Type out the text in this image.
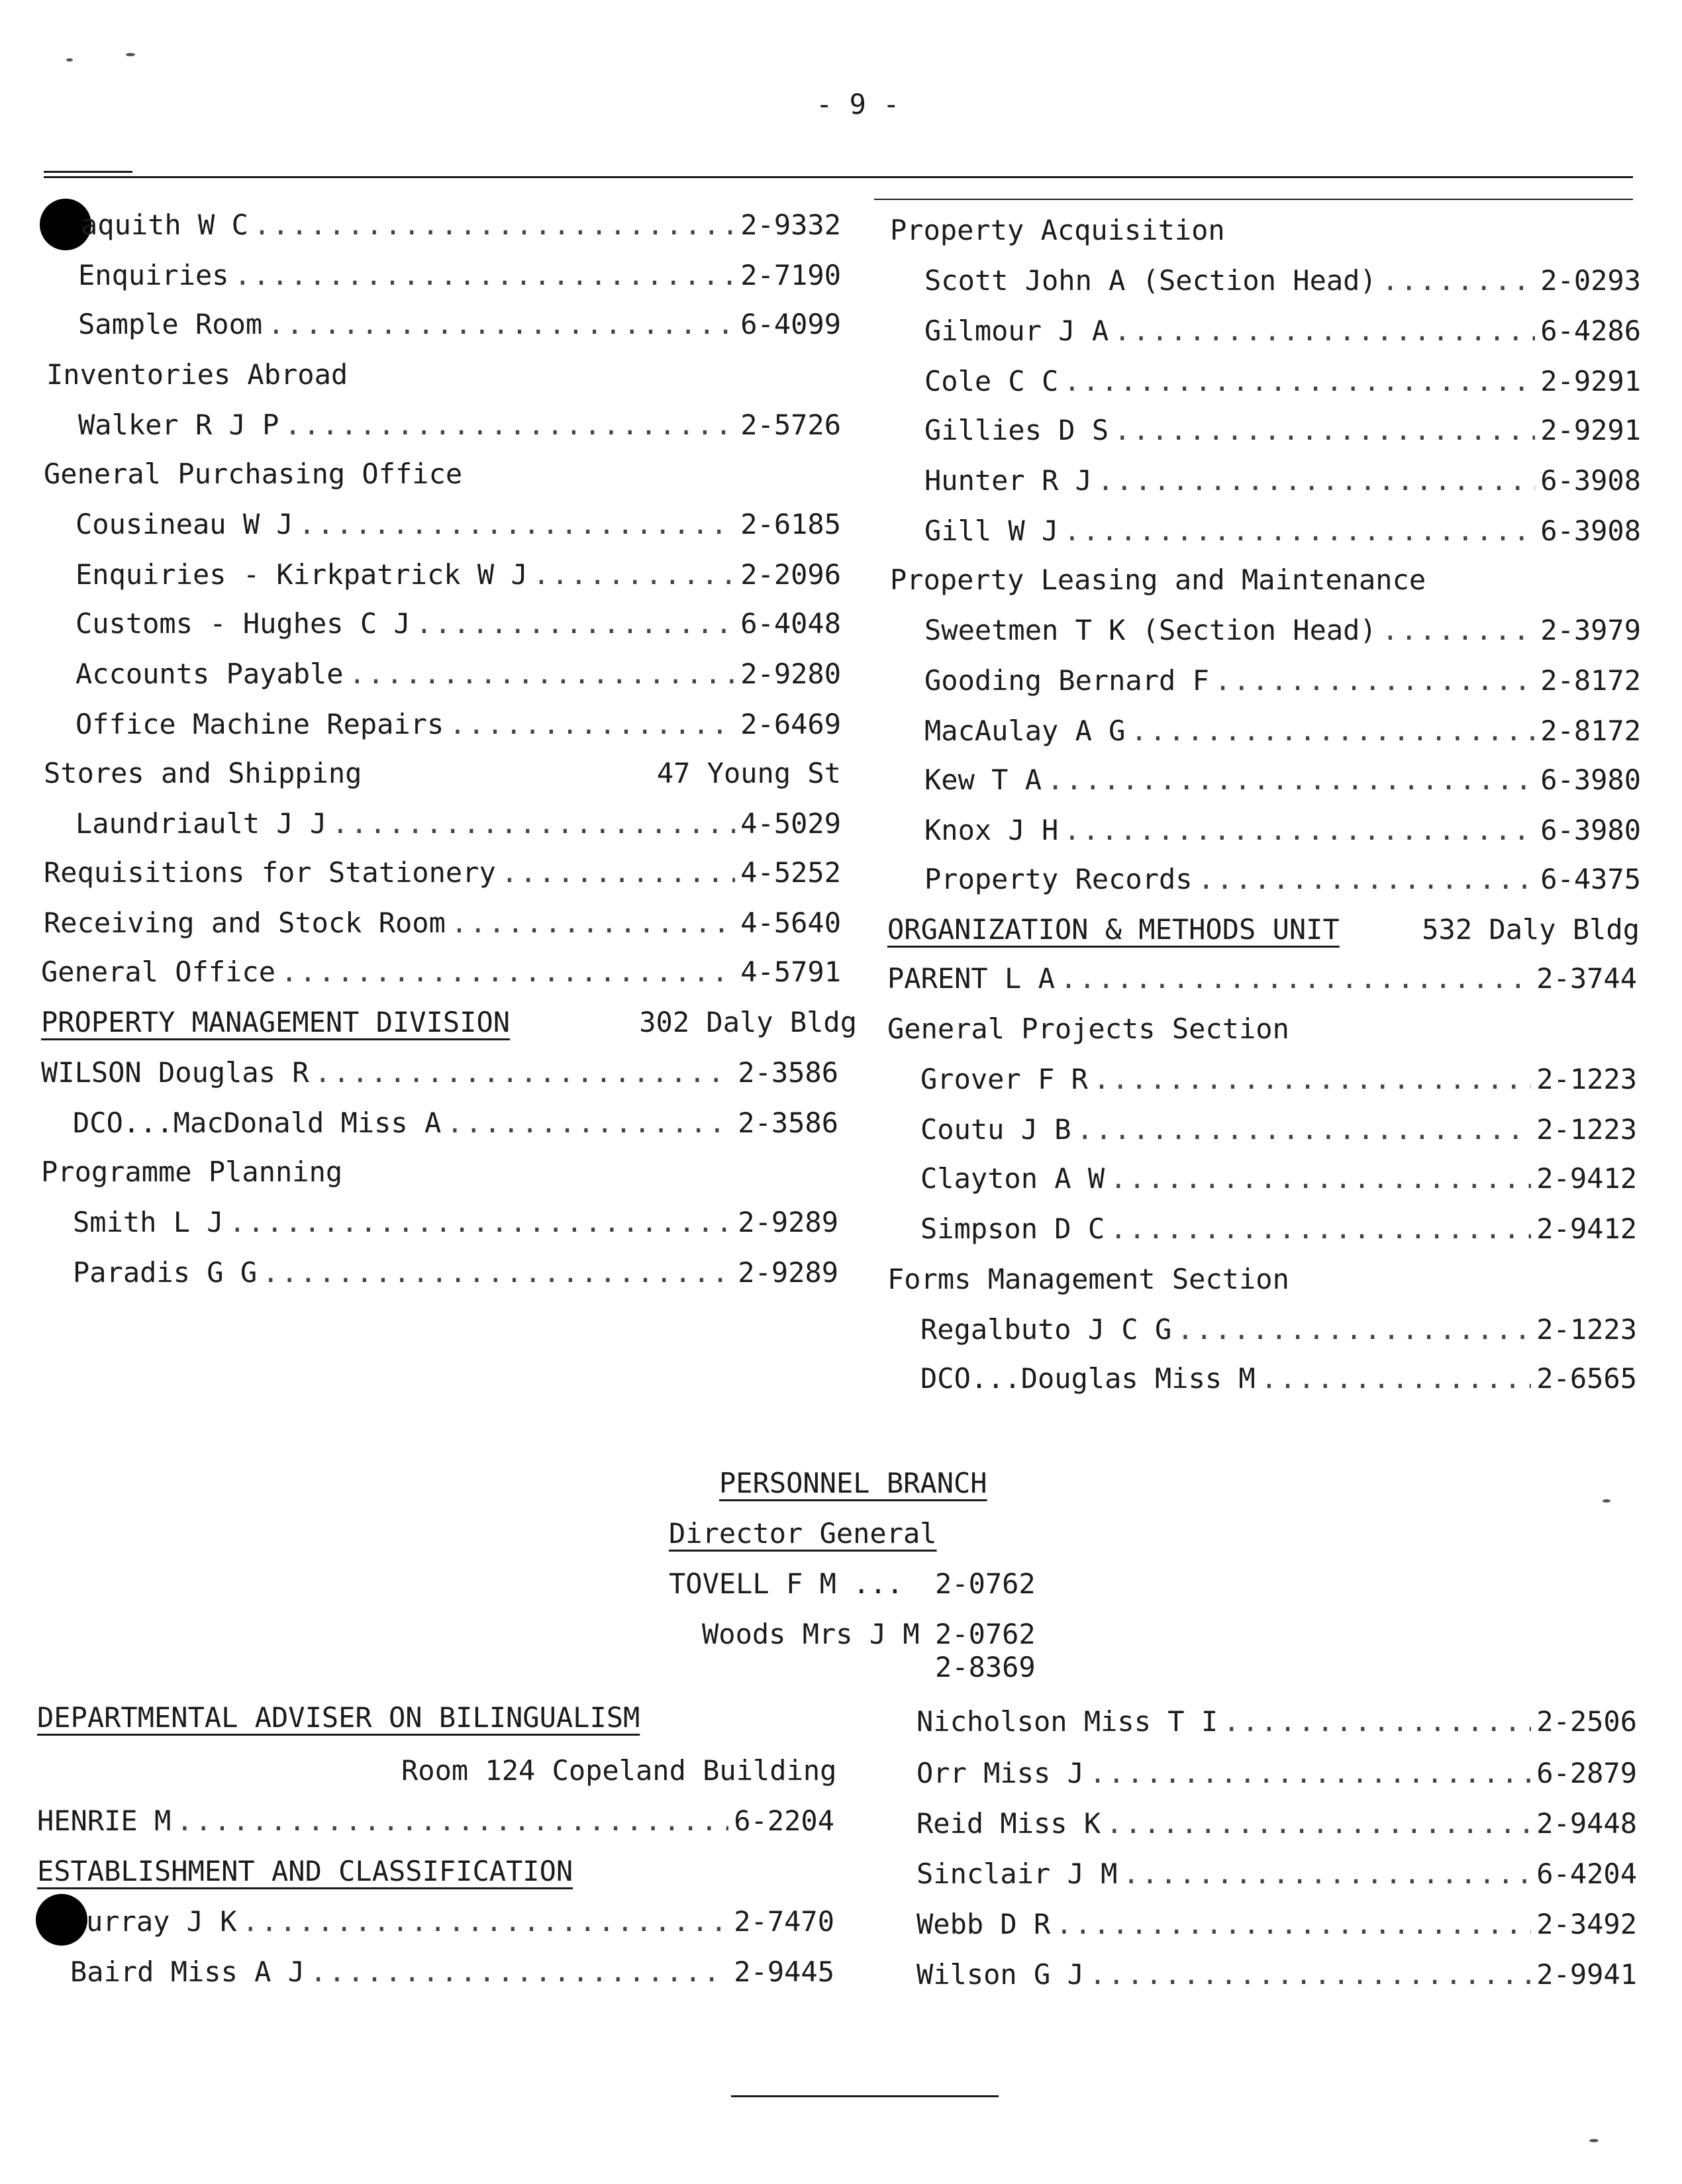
- 9 -
aquith W C .....	2-9332
Enquiries .....	2-7190
Sample Room .....	6-4099
Inventories Abroad
Walker R J P .....	2-5726
General Purchasing Office
Cousineau W J .....	2-6185
Enquiries - Kirkpatrick W J .....	2-2096
Customs - Hughes C J .....	6-4048
Accounts Payable .....	2-9280
Office Machine Repairs .....	2-6469
Stores and Shipping	47 Young St
Laundriault J J .....	4-5029
Requisitions for Stationery .....	4-5252
Receiving and Stock Room .....	4-5640
General Office .....	4-5791
PROPERTY MANAGEMENT DIVISION	302 Daly Bldg
WILSON Douglas R .....	2-3586
DCO...MacDonald Miss A .....	2-3586
Programme Planning
Smith L J .....	2-9289
Paradis G G .....	2-9289
Property Acquisition
Scott John A (Section Head) .....	2-0293
Gilmour J A .....	6-4286
Cole C C .....	2-9291
Gillies D S .....	2-9291
Hunter R J .....	6-3908
Gill W J .....	6-3908
Property Leasing and Maintenance
Sweetmen T K (Section Head) .....	2-3979
Gooding Bernard F .....	2-8172
MacAulay A G .....	2-8172
Kew T A .....	6-3980
Knox J H .....	6-3980
Property Records .....	6-4375
ORGANIZATION & METHODS UNIT	532 Daly Bldg
PARENT L A .....	2-3744
General Projects Section
Grover F R .....	2-1223
Coutu J B .....	2-1223
Clayton A W .....	2-9412
Simpson D C .....	2-9412
Forms Management Section
Regalbuto J C G .....	2-1223
DCO...Douglas Miss M .....	2-6565
PERSONNEL BRANCH
Director General
TOVELL F M ... 2-0762
Woods Mrs J M 2-0762
2-8369
DEPARTMENTAL ADVISER ON BILINGUALISM
Room 124 Copeland Building
HENRIE M .....	6-2204
ESTABLISHMENT AND CLASSIFICATION
urray J K .....	2-7470
Baird Miss A J .....	2-9445
Nicholson Miss T I .....	2-2506
Orr Miss J .....	6-2879
Reid Miss K .....	2-9448
Sinclair J M .....	6-4204
Webb D R .....	2-3492
Wilson G J .....	2-9941
